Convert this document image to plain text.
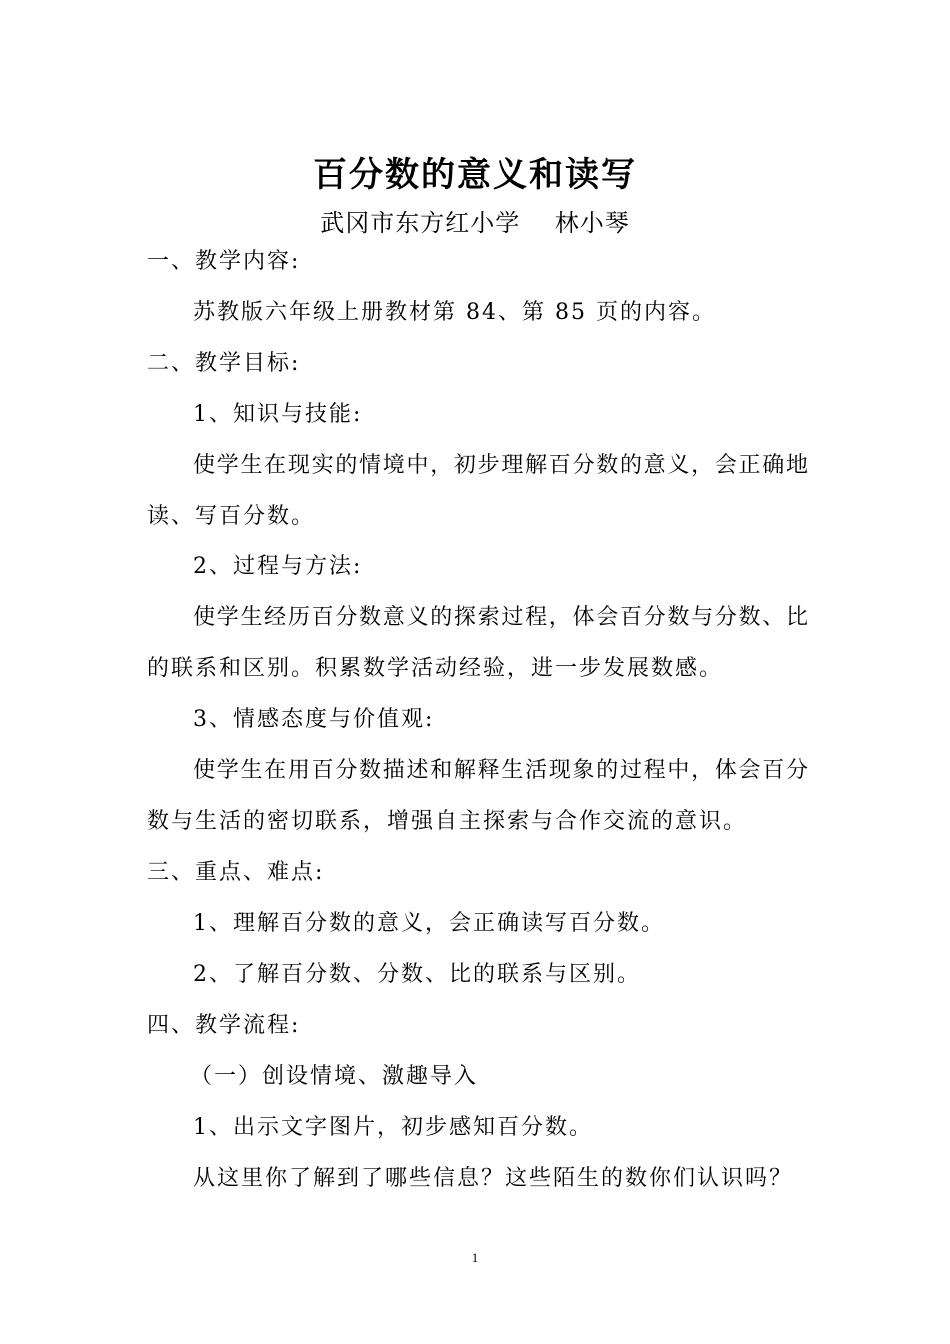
百分数的意义和读写
武冈市东方红小学    林小琴
一、教学内容:
苏教版六年级上册教材第 84、第 85 页的内容。
二、教学目标:
1、知识与技能:
使学生在现实的情境中，初步理解百分数的意义，会正确地
读、写百分数。
2、过程与方法:
使学生经历百分数意义的探索过程，体会百分数与分数、比
的联系和区别。积累数学活动经验，进一步发展数感。
3、情感态度与价值观:
使学生在用百分数描述和解释生活现象的过程中，体会百分
数与生活的密切联系，增强自主探索与合作交流的意识。
三、重点、难点:
1、理解百分数的意义，会正确读写百分数。
2、了解百分数、分数、比的联系与区别。
四、教学流程:
（一）创设情境、激趣导入
1、出示文字图片，初步感知百分数。
从这里你了解到了哪些信息？这些陌生的数你们认识吗？
1
